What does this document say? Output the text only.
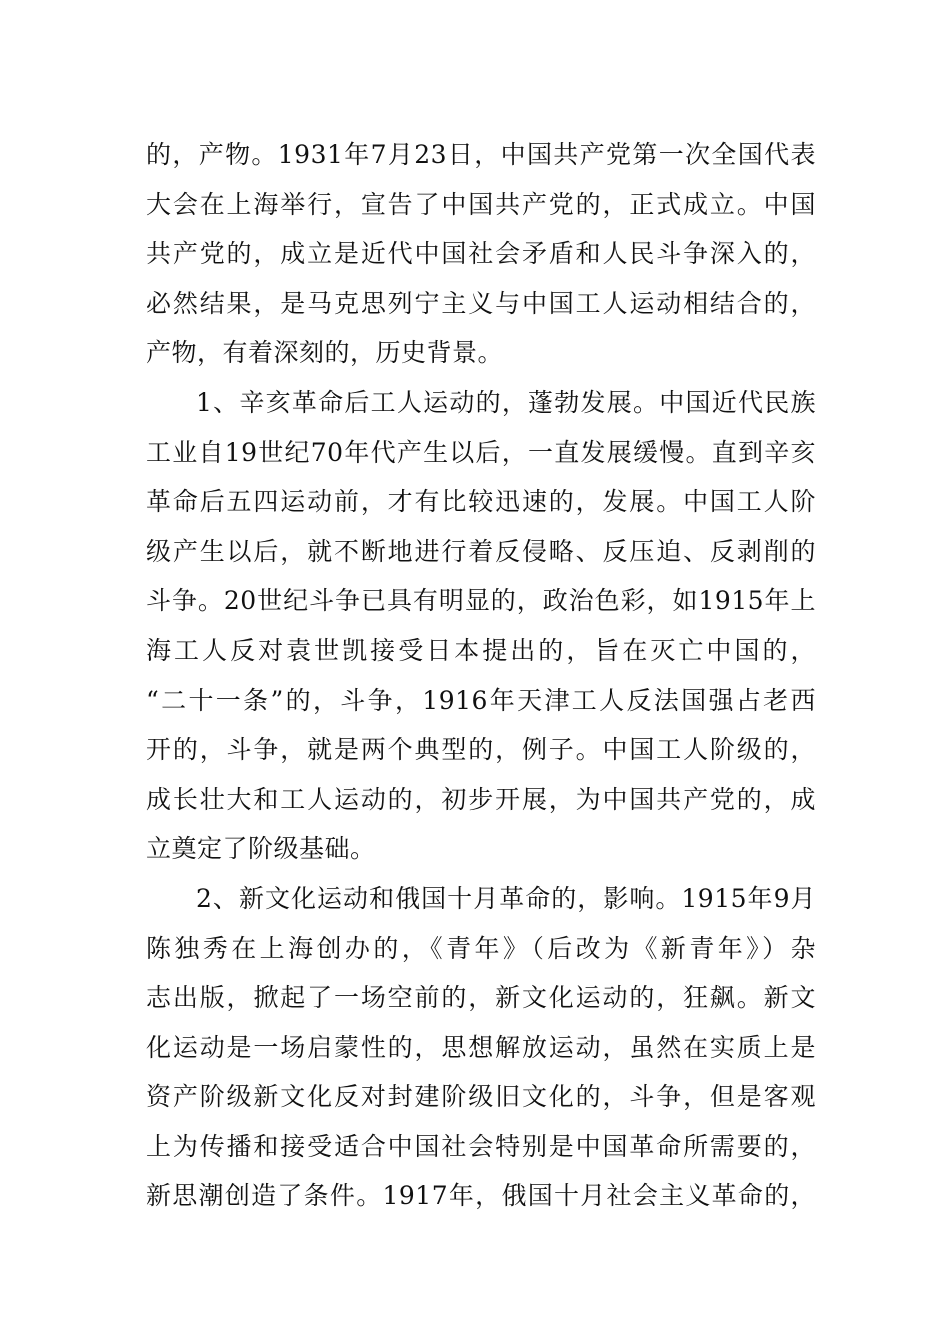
的，产物。1931年7月23日，中国共产党第一次全国代表
大会在上海举行，宣告了中国共产党的，正式成立。中国
共产党的，成立是近代中国社会矛盾和人民斗争深入的，
必然结果，是马克思列宁主义与中国工人运动相结合的，
产物，有着深刻的，历史背景。
1、辛亥革命后工人运动的，蓬勃发展。中国近代民族
工业自19世纪70年代产生以后，一直发展缓慢。直到辛亥
革命后五四运动前，才有比较迅速的，发展。中国工人阶
级产生以后，就不断地进行着反侵略、反压迫、反剥削的
斗争。20世纪斗争已具有明显的，政治色彩，如1915年上
海工人反对袁世凯接受日本提出的，旨在灭亡中国的，
“二十一条”的，斗争，1916年天津工人反法国强占老西
开的，斗争，就是两个典型的，例子。中国工人阶级的，
成长壮大和工人运动的，初步开展，为中国共产党的，成
立奠定了阶级基础。
2、新文化运动和俄国十月革命的，影响。1915年9月
陈独秀在上海创办的，《青年》（后改为《新青年》）杂
志出版，掀起了一场空前的，新文化运动的，狂飙。新文
化运动是一场启蒙性的，思想解放运动，虽然在实质上是
资产阶级新文化反对封建阶级旧文化的，斗争，但是客观
上为传播和接受适合中国社会特别是中国革命所需要的，
新思潮创造了条件。1917年，俄国十月社会主义革命的，
